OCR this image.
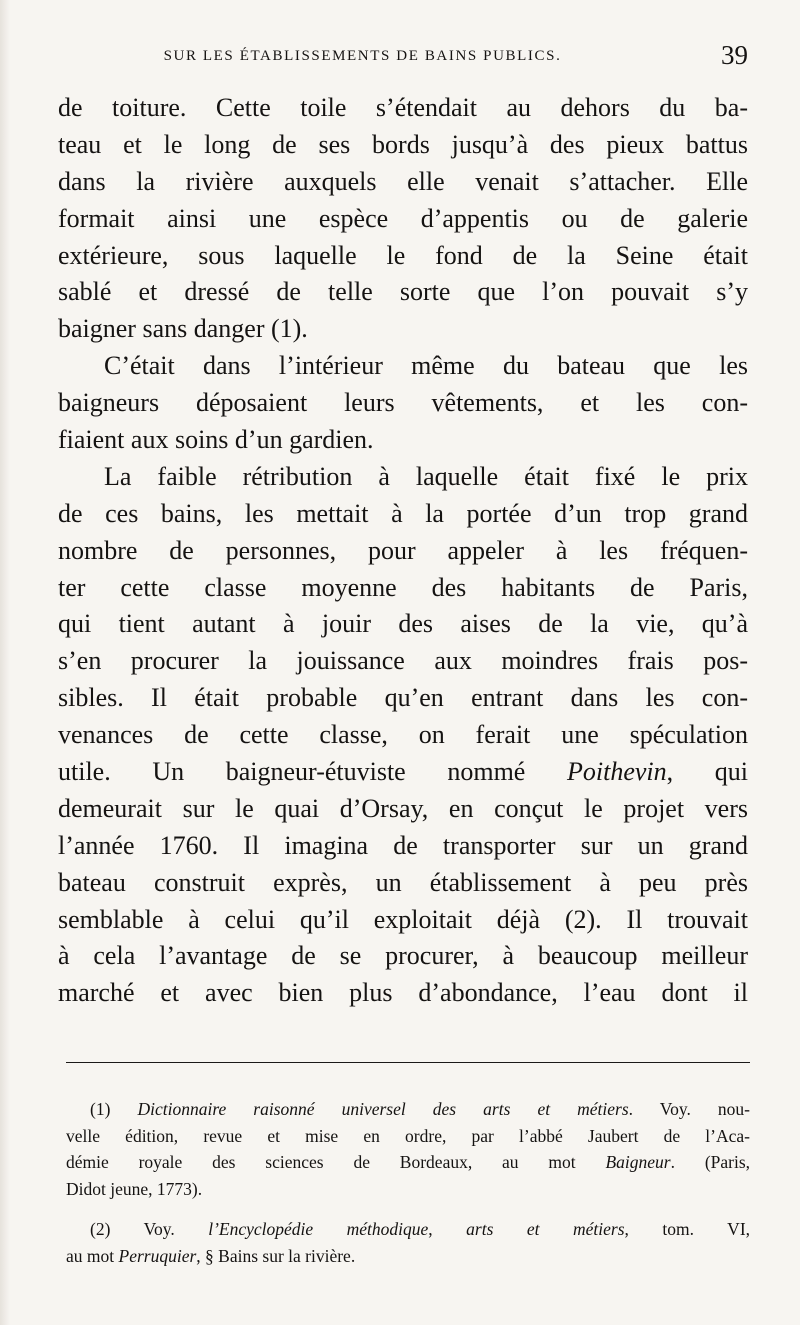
SUR LES ÉTABLISSEMENTS DE BAINS PUBLICS.	39
de toiture. Cette toile s’étendait au dehors du ba-
teau et le long de ses bords jusqu’à des pieux battus
dans la rivière auxquels elle venait s’attacher. Elle
formait ainsi une espèce d’appentis ou de galerie
extérieure, sous laquelle le fond de la Seine était
sablé et dressé de telle sorte que l’on pouvait s’y
baigner sans danger (1).
C’était dans l’intérieur même du bateau que les
baigneurs déposaient leurs vêtements, et les con-
fiaient aux soins d’un gardien.
La faible rétribution à laquelle était fixé le prix
de ces bains, les mettait à la portée d’un trop grand
nombre de personnes, pour appeler à les fréquen-
ter cette classe moyenne des habitants de Paris,
qui tient autant à jouir des aises de la vie, qu’à
s’en procurer la jouissance aux moindres frais pos-
sibles. Il était probable qu’en entrant dans les con-
venances de cette classe, on ferait une spéculation
utile. Un baigneur-étuviste nommé Poithevin, qui
demeurait sur le quai d’Orsay, en conçut le projet vers
l’année 1760. Il imagina de transporter sur un grand
bateau construit exprès, un établissement à peu près
semblable à celui qu’il exploitait déjà (2). Il trouvait
à cela l’avantage de se procurer, à beaucoup meilleur
marché et avec bien plus d’abondance, l’eau dont il
(1) Dictionnaire raisonné universel des arts et métiers. Voy. nou-
velle édition, revue et mise en ordre, par l’abbé Jaubert de l’Aca-
démie royale des sciences de Bordeaux, au mot Baigneur. (Paris,
Didot jeune, 1773).
(2) Voy. l’Encyclopédie méthodique, arts et métiers, tom. VI,
au mot Perruquier, § Bains sur la rivière.
